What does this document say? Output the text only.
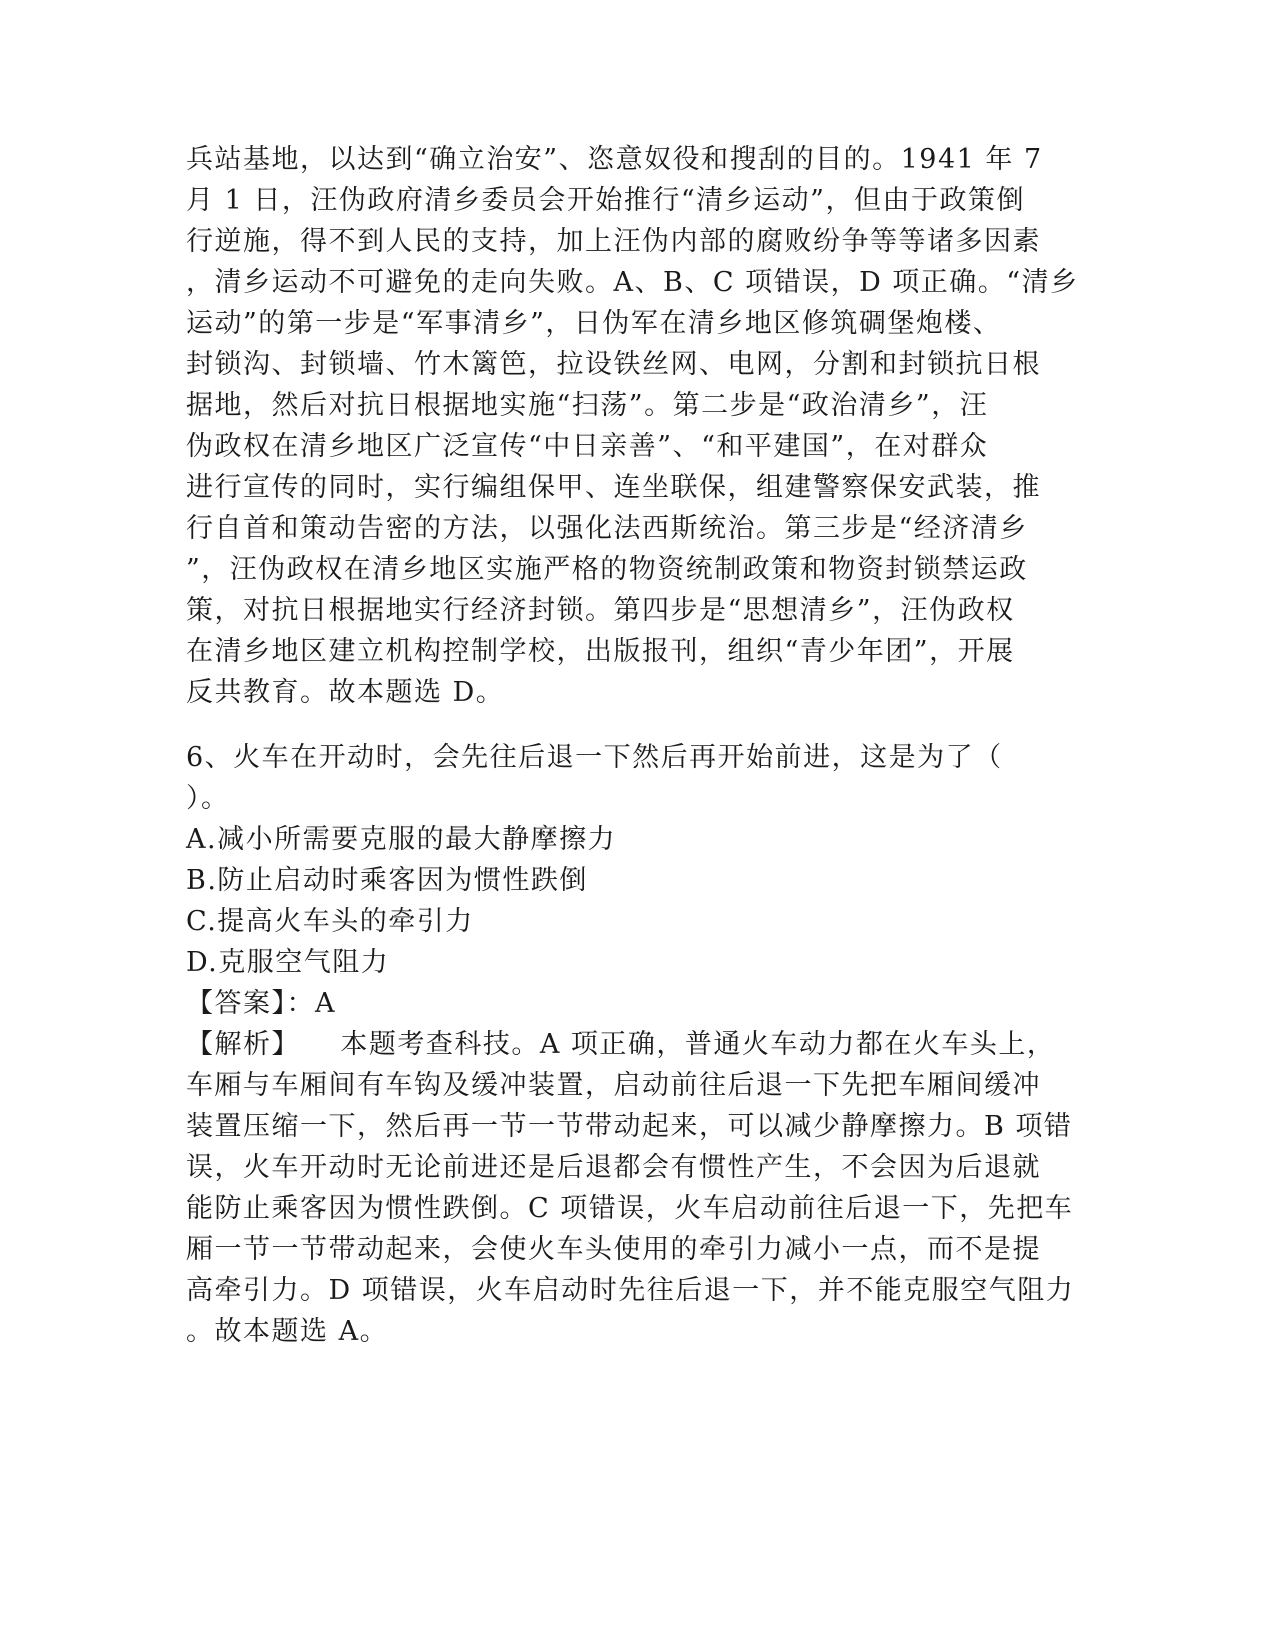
兵站基地，以达到“确立治安”、恣意奴役和搜刮的目的。1941 年 7
月 1 日，汪伪政府清乡委员会开始推行“清乡运动”，但由于政策倒
行逆施，得不到人民的支持，加上汪伪内部的腐败纷争等等诸多因素
，清乡运动不可避免的走向失败。A、B、C 项错误，D 项正确。“清乡
运动”的第一步是“军事清乡”，日伪军在清乡地区修筑碉堡炮楼、
封锁沟、封锁墙、竹木篱笆，拉设铁丝网、电网，分割和封锁抗日根
据地，然后对抗日根据地实施“扫荡”。第二步是“政治清乡”，汪
伪政权在清乡地区广泛宣传“中日亲善”、“和平建国”，在对群众
进行宣传的同时，实行编组保甲、连坐联保，组建警察保安武装，推
行自首和策动告密的方法，以强化法西斯统治。第三步是“经济清乡
”，汪伪政权在清乡地区实施严格的物资统制政策和物资封锁禁运政
策，对抗日根据地实行经济封锁。第四步是“思想清乡”，汪伪政权
在清乡地区建立机构控制学校，出版报刊，组织“青少年团”，开展
反共教育。故本题选 D。
6、火车在开动时，会先往后退一下然后再开始前进，这是为了（
）。
A.减小所需要克服的最大静摩擦力
B.防止启动时乘客因为惯性跌倒
C.提高火车头的牵引力
D.克服空气阻力
【答案】：A
【解析】    本题考查科技。A 项正确，普通火车动力都在火车头上，
车厢与车厢间有车钩及缓冲装置，启动前往后退一下先把车厢间缓冲
装置压缩一下，然后再一节一节带动起来，可以减少静摩擦力。B 项错
误，火车开动时无论前进还是后退都会有惯性产生，不会因为后退就
能防止乘客因为惯性跌倒。C 项错误，火车启动前往后退一下，先把车
厢一节一节带动起来，会使火车头使用的牵引力减小一点，而不是提
高牵引力。D 项错误，火车启动时先往后退一下，并不能克服空气阻力
。故本题选 A。
